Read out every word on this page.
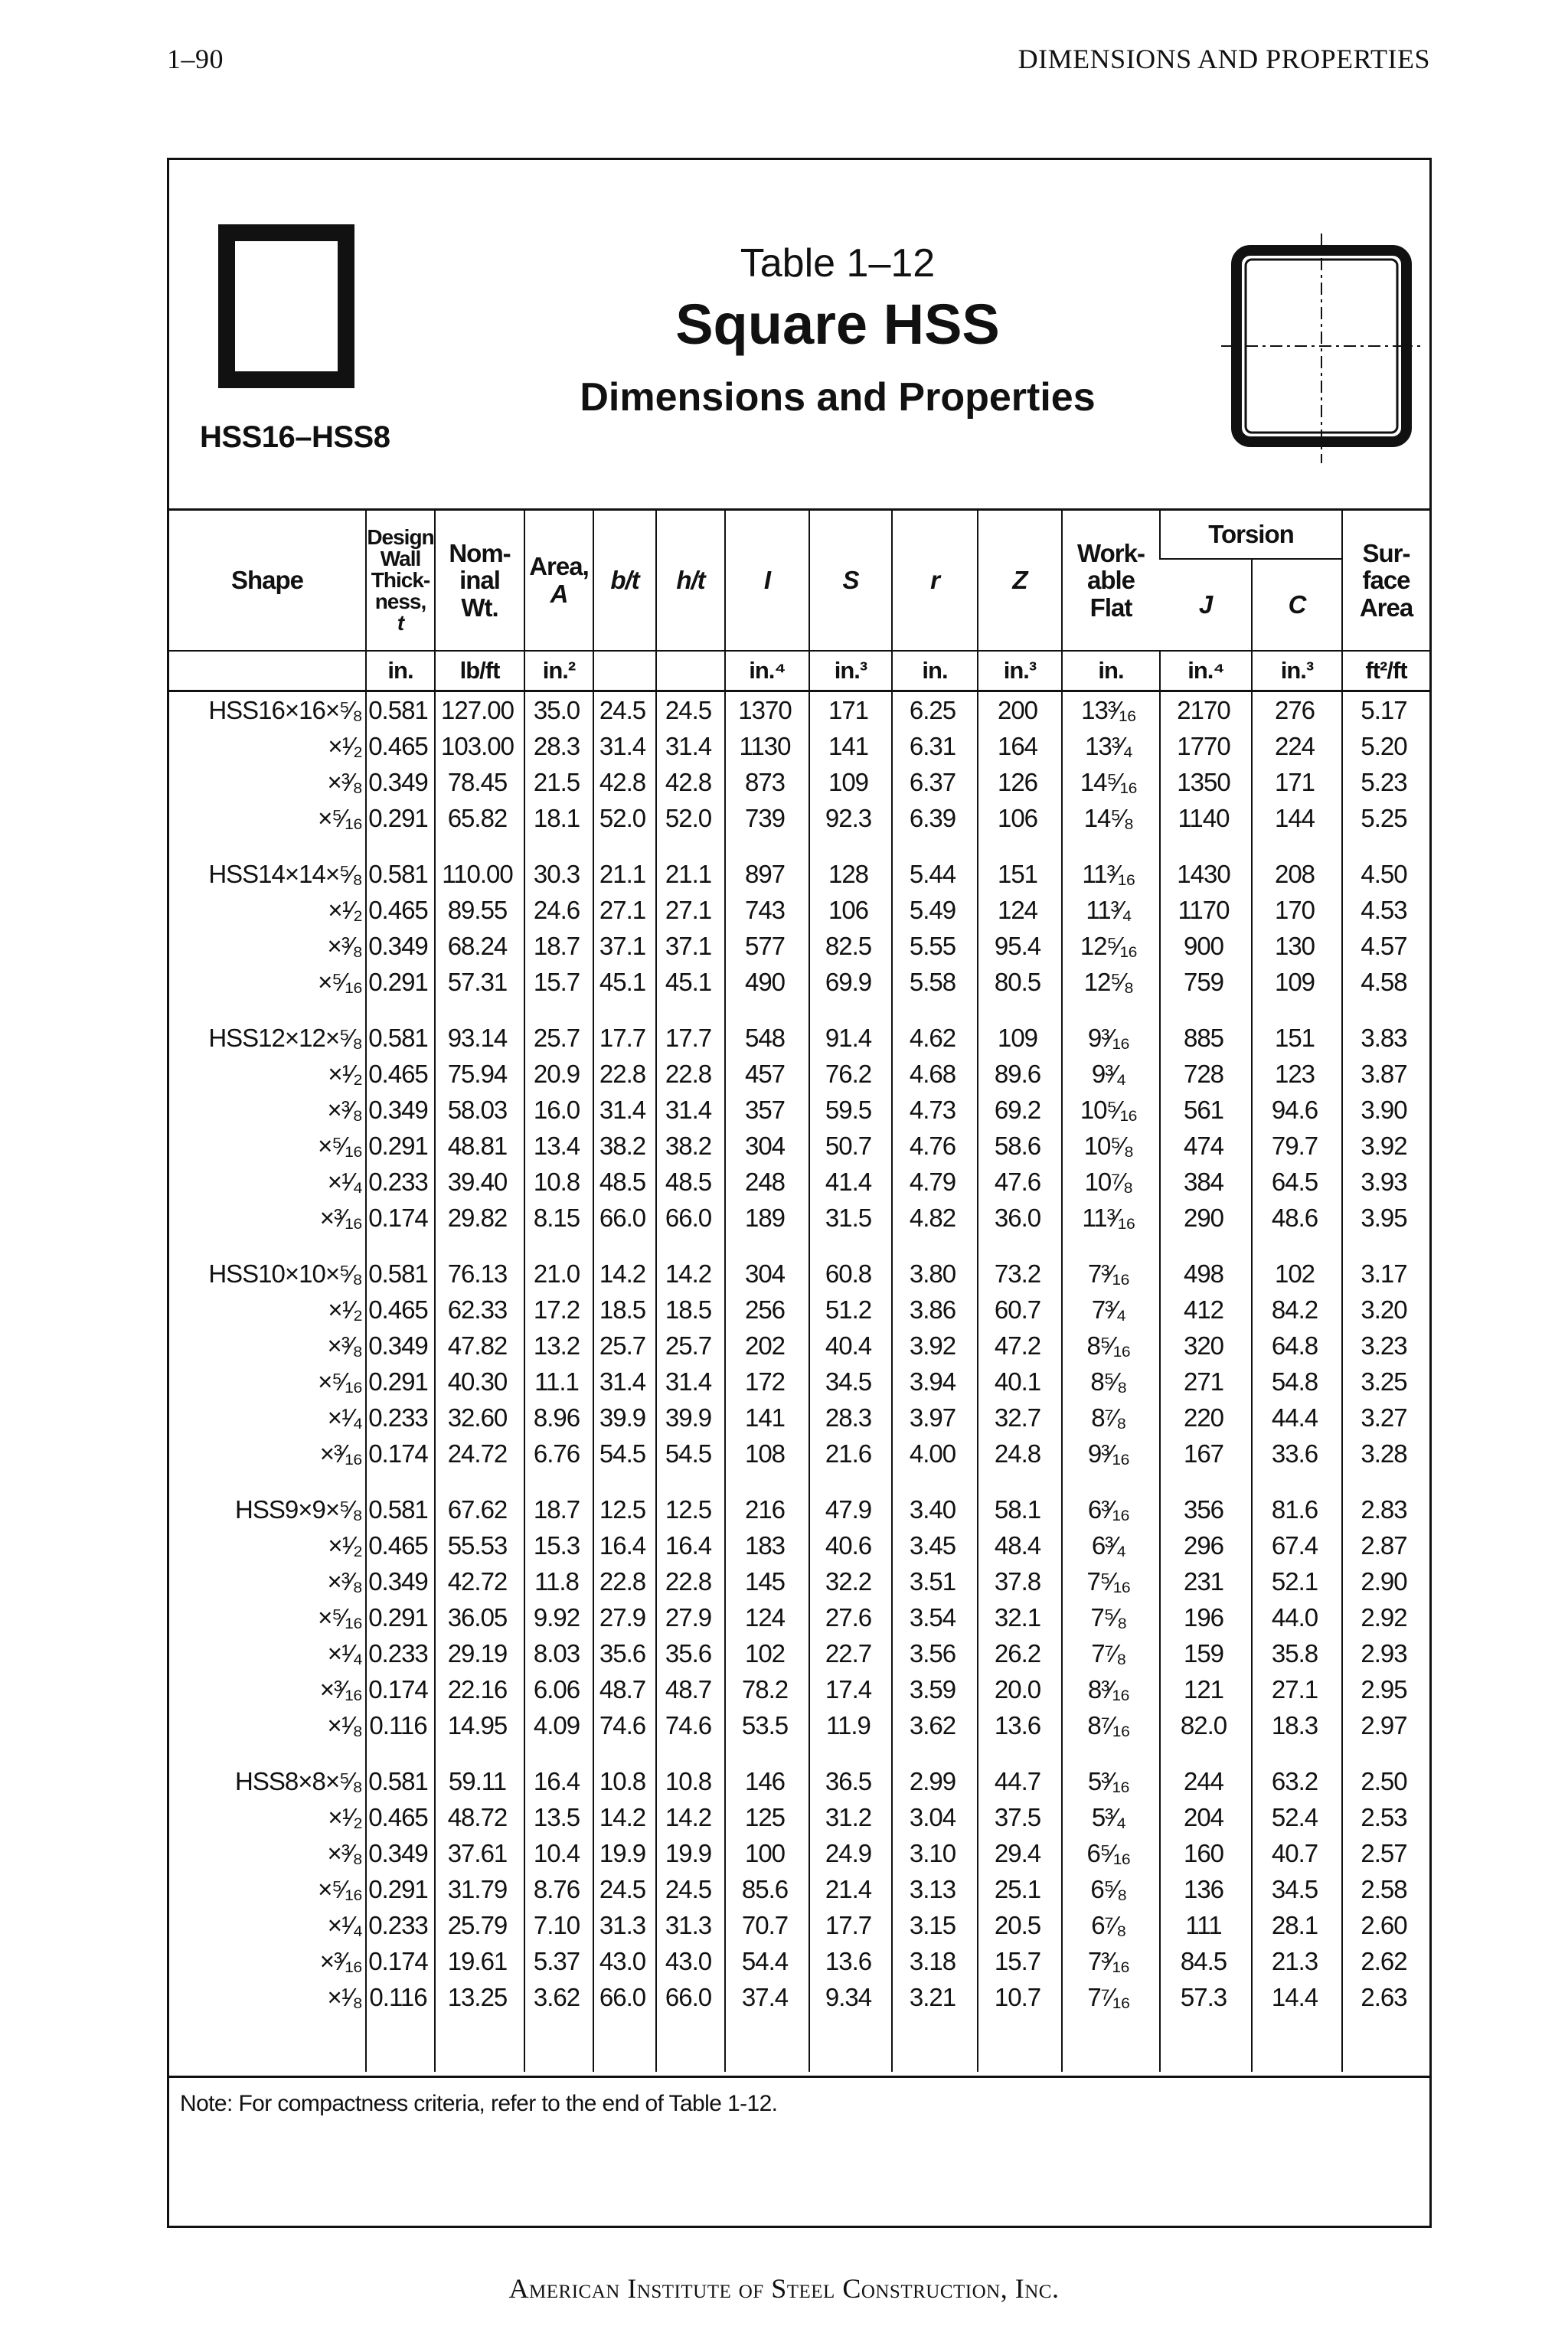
1–90	DIMENSIONS AND PROPERTIES
HSS16–HSS8
Table 1–12
Square HSS
Dimensions and Properties
Shape	Design
Wall
Thick-
ness,
t	Nom-
inal
Wt.	Area,
A	b/t	h/t	I	S	r	Z	Work-
able
Flat	Torsion		Sur-
face
Area
											J	C	
	in.	lb/ft	in.²			in.⁴	in.³	in.	in.³	in.	in.⁴	in.³	ft²/ft
HSS16×16×⁵⁄₈	0.581	127.00	35.0	24.5	24.5	1370	171	6.25	200	13³⁄₁₆	2170	276	5.17
×¹⁄₂	0.465	103.00	28.3	31.4	31.4	1130	141	6.31	164	13³⁄₄	1770	224	5.20
×³⁄₈	0.349	78.45	21.5	42.8	42.8	873	109	6.37	126	14⁵⁄₁₆	1350	171	5.23
×⁵⁄₁₆	0.291	65.82	18.1	52.0	52.0	739	92.3	6.39	106	14⁵⁄₈	1140	144	5.25

HSS14×14×⁵⁄₈	0.581	110.00	30.3	21.1	21.1	897	128	5.44	151	11³⁄₁₆	1430	208	4.50
×¹⁄₂	0.465	89.55	24.6	27.1	27.1	743	106	5.49	124	11³⁄₄	1170	170	4.53
×³⁄₈	0.349	68.24	18.7	37.1	37.1	577	82.5	5.55	95.4	12⁵⁄₁₆	900	130	4.57
×⁵⁄₁₆	0.291	57.31	15.7	45.1	45.1	490	69.9	5.58	80.5	12⁵⁄₈	759	109	4.58

HSS12×12×⁵⁄₈	0.581	93.14	25.7	17.7	17.7	548	91.4	4.62	109	9³⁄₁₆	885	151	3.83
×¹⁄₂	0.465	75.94	20.9	22.8	22.8	457	76.2	4.68	89.6	9³⁄₄	728	123	3.87
×³⁄₈	0.349	58.03	16.0	31.4	31.4	357	59.5	4.73	69.2	10⁵⁄₁₆	561	94.6	3.90
×⁵⁄₁₆	0.291	48.81	13.4	38.2	38.2	304	50.7	4.76	58.6	10⁵⁄₈	474	79.7	3.92
×¹⁄₄	0.233	39.40	10.8	48.5	48.5	248	41.4	4.79	47.6	10⁷⁄₈	384	64.5	3.93
×³⁄₁₆	0.174	29.82	8.15	66.0	66.0	189	31.5	4.82	36.0	11³⁄₁₆	290	48.6	3.95

HSS10×10×⁵⁄₈	0.581	76.13	21.0	14.2	14.2	304	60.8	3.80	73.2	7³⁄₁₆	498	102	3.17
×¹⁄₂	0.465	62.33	17.2	18.5	18.5	256	51.2	3.86	60.7	7³⁄₄	412	84.2	3.20
×³⁄₈	0.349	47.82	13.2	25.7	25.7	202	40.4	3.92	47.2	8⁵⁄₁₆	320	64.8	3.23
×⁵⁄₁₆	0.291	40.30	11.1	31.4	31.4	172	34.5	3.94	40.1	8⁵⁄₈	271	54.8	3.25
×¹⁄₄	0.233	32.60	8.96	39.9	39.9	141	28.3	3.97	32.7	8⁷⁄₈	220	44.4	3.27
×³⁄₁₆	0.174	24.72	6.76	54.5	54.5	108	21.6	4.00	24.8	9³⁄₁₆	167	33.6	3.28

HSS9×9×⁵⁄₈	0.581	67.62	18.7	12.5	12.5	216	47.9	3.40	58.1	6³⁄₁₆	356	81.6	2.83
×¹⁄₂	0.465	55.53	15.3	16.4	16.4	183	40.6	3.45	48.4	6³⁄₄	296	67.4	2.87
×³⁄₈	0.349	42.72	11.8	22.8	22.8	145	32.2	3.51	37.8	7⁵⁄₁₆	231	52.1	2.90
×⁵⁄₁₆	0.291	36.05	9.92	27.9	27.9	124	27.6	3.54	32.1	7⁵⁄₈	196	44.0	2.92
×¹⁄₄	0.233	29.19	8.03	35.6	35.6	102	22.7	3.56	26.2	7⁷⁄₈	159	35.8	2.93
×³⁄₁₆	0.174	22.16	6.06	48.7	48.7	78.2	17.4	3.59	20.0	8³⁄₁₆	121	27.1	2.95
×¹⁄₈	0.116	14.95	4.09	74.6	74.6	53.5	11.9	3.62	13.6	8⁷⁄₁₆	82.0	18.3	2.97

HSS8×8×⁵⁄₈	0.581	59.11	16.4	10.8	10.8	146	36.5	2.99	44.7	5³⁄₁₆	244	63.2	2.50
×¹⁄₂	0.465	48.72	13.5	14.2	14.2	125	31.2	3.04	37.5	5³⁄₄	204	52.4	2.53
×³⁄₈	0.349	37.61	10.4	19.9	19.9	100	24.9	3.10	29.4	6⁵⁄₁₆	160	40.7	2.57
×⁵⁄₁₆	0.291	31.79	8.76	24.5	24.5	85.6	21.4	3.13	25.1	6⁵⁄₈	136	34.5	2.58
×¹⁄₄	0.233	25.79	7.10	31.3	31.3	70.7	17.7	3.15	20.5	6⁷⁄₈	111	28.1	2.60
×³⁄₁₆	0.174	19.61	5.37	43.0	43.0	54.4	13.6	3.18	15.7	7³⁄₁₆	84.5	21.3	2.62
×¹⁄₈	0.116	13.25	3.62	66.0	66.0	37.4	9.34	3.21	10.7	7⁷⁄₁₆	57.3	14.4	2.63

Note: For compactness criteria, refer to the end of Table 1-12.
American Institute of Steel Construction, Inc.
